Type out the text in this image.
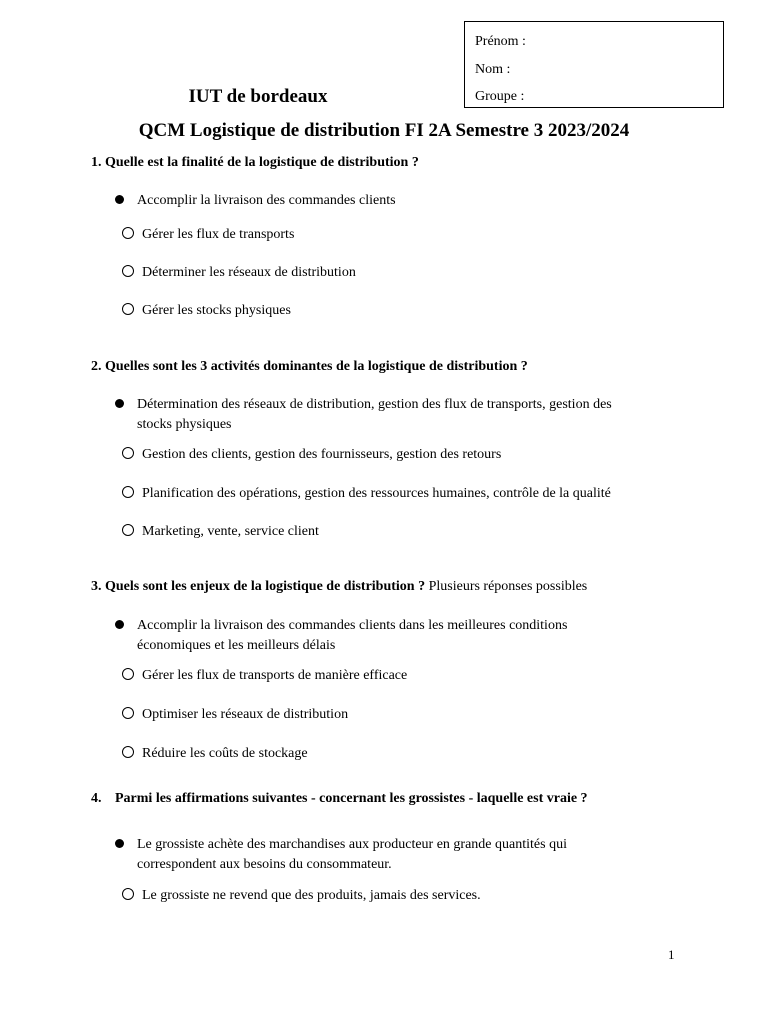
Prénom :
Nom :
Groupe :
IUT de bordeaux
QCM Logistique de distribution FI 2A Semestre 3 2023/2024
1. Quelle est la finalité de la logistique de distribution ?
Accomplir la livraison des commandes clients
Gérer les flux de transports
Déterminer les réseaux de distribution
Gérer les stocks physiques
2. Quelles sont les 3 activités dominantes de la logistique de distribution ?
Détermination des réseaux de distribution, gestion des flux de transports, gestion des
stocks physiques
Gestion des clients, gestion des fournisseurs, gestion des retours
Planification des opérations, gestion des ressources humaines, contrôle de la qualité
Marketing, vente, service client
3. Quels sont les enjeux de la logistique de distribution ? Plusieurs réponses possibles
Accomplir la livraison des commandes clients dans les meilleures conditions
économiques et les meilleurs délais
Gérer les flux de transports de manière efficace
Optimiser les réseaux de distribution
Réduire les coûts de stockage
4. Parmi les affirmations suivantes - concernant les grossistes - laquelle est vraie ?
Le grossiste achète des marchandises aux producteur en grande quantités qui
correspondent aux besoins du consommateur.
Le grossiste ne revend que des produits, jamais des services.
1
